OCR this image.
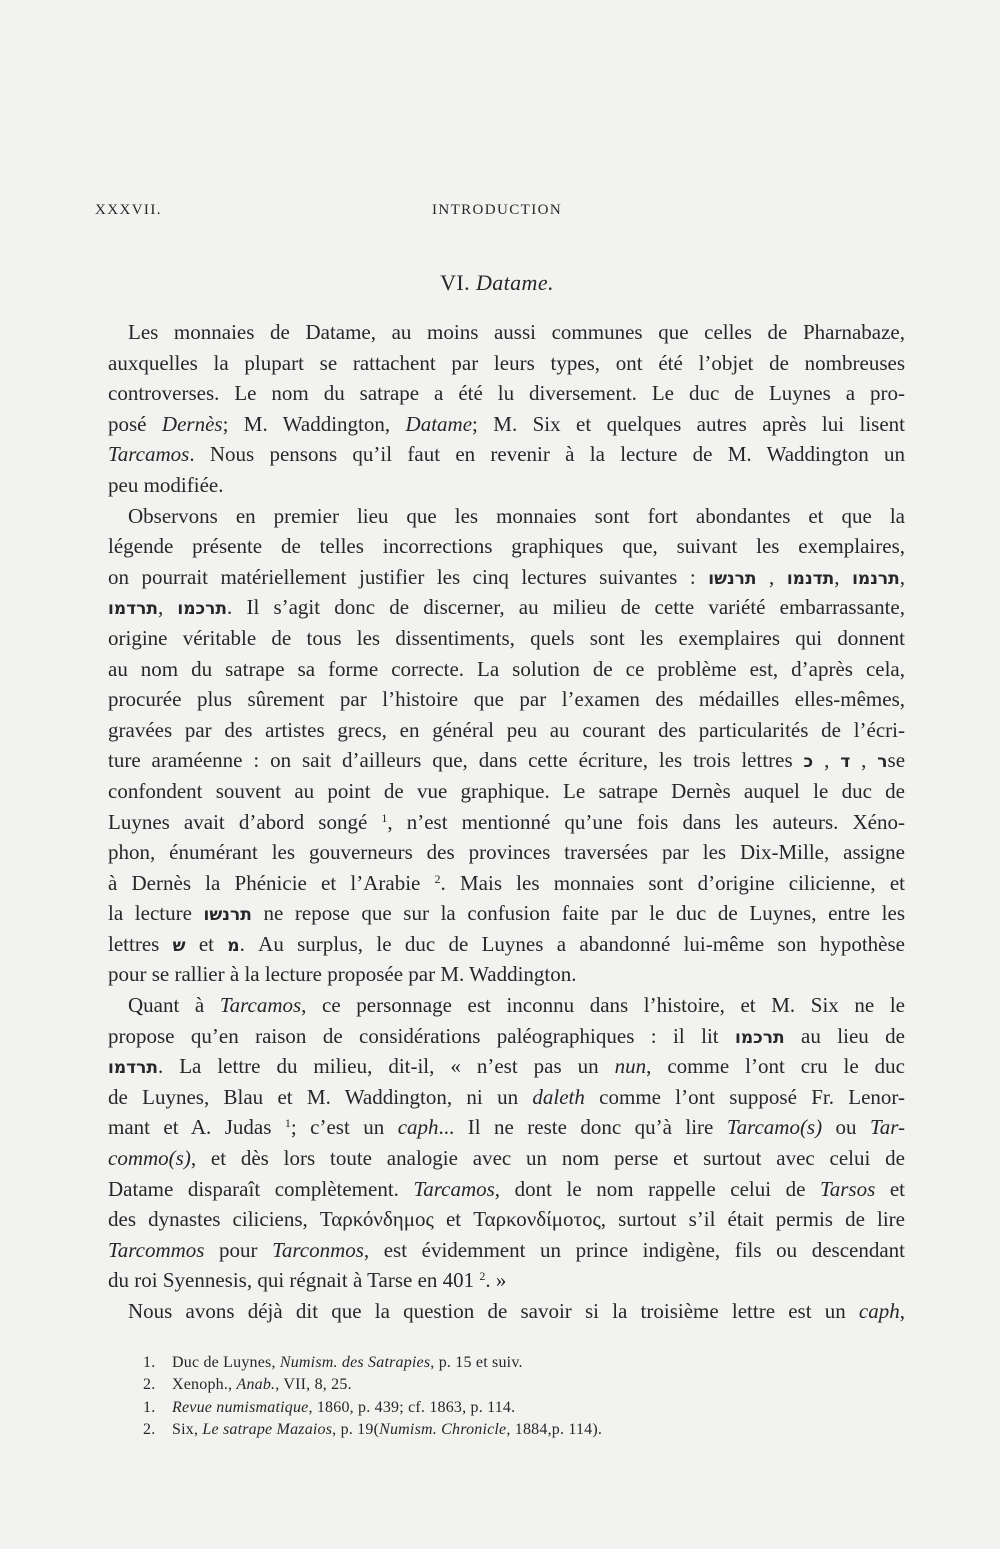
XXXVII.	INTRODUCTION
VI. Datame.
Les monnaies de Datame, au moins aussi communes que celles de Pharnabaze,
auxquelles la plupart se rattachent par leurs types, ont été l’objet de nombreuses
controverses. Le nom du satrape a été lu diversement. Le duc de Luynes a pro-
posé Dernès; M. Waddington, Datame; M. Six et quelques autres après lui lisent
Tarcamos. Nous pensons qu’il faut en revenir à la lecture de M. Waddington un
peu modifiée.
Observons en premier lieu que les monnaies sont fort abondantes et que la
légende présente de telles incorrections graphiques que, suivant les exemplaires,
on pourrait matériellement justifier les cinq lectures suivantes : תרנשו , תדנמו, תרנמו,
תרדמו, תרכמו. Il s’agit donc de discerner, au milieu de cette variété embarrassante,
origine véritable de tous les dissentiments, quels sont les exemplaires qui donnent
au nom du satrape sa forme correcte. La solution de ce problème est, d’après cela,
procurée plus sûrement par l’histoire que par l’examen des médailles elles-mêmes,
gravées par des artistes grecs, en général peu au courant des particularités de l’écri-
ture araméenne : on sait d’ailleurs que, dans cette écriture, les trois lettres כ , ד , רse
confondent souvent au point de vue graphique. Le satrape Dernès auquel le duc de
Luynes avait d’abord songé $^1$, n’est mentionné qu’une fois dans les auteurs. Xéno-
phon, énumérant les gouverneurs des provinces traversées par les Dix-Mille, assigne
à Dernès la Phénicie et l’Arabie $^2$. Mais les monnaies sont d’origine cilicienne, et
la lecture תרנשו ne repose que sur la confusion faite par le duc de Luynes, entre les
lettres ש et מ. Au surplus, le duc de Luynes a abandonné lui-même son hypothèse
pour se rallier à la lecture proposée par M. Waddington.
Quant à Tarcamos, ce personnage est inconnu dans l’histoire, et M. Six ne le
propose qu’en raison de considérations paléographiques : il lit תרכמו au lieu de
תרדמו. La lettre du milieu, dit-il, « n’est pas un nun, comme l’ont cru le duc
de Luynes, Blau et M. Waddington, ni un daleth comme l’ont supposé Fr. Lenor-
mant et A. Judas $^1$; c’est un caph... Il ne reste donc qu’à lire Tarcamo(s) ou Tar-
commo(s), et dès lors toute analogie avec un nom perse et surtout avec celui de
Datame disparaît complètement. Tarcamos, dont le nom rappelle celui de Tarsos et
des dynastes ciliciens, Ταρκόνδημος et Ταρκονδίμοτος, surtout s’il était permis de lire
Tarcommos pour Tarconmos, est évidemment un prince indigène, fils ou descendant
du roi Syennesis, qui régnait à Tarse en 401 $^2$. »
Nous avons déjà dit que la question de savoir si la troisième lettre est un caph,
1. Duc de Luynes, Numism. des Satrapies, p. 15 et suiv.
2. Xenoph., Anab., VII, 8, 25.
1. Revue numismatique, 1860, p. 439; cf. 1863, p. 114.
2. Six, Le satrape Mazaios, p. 19(Numism. Chronicle, 1884,p. 114).
